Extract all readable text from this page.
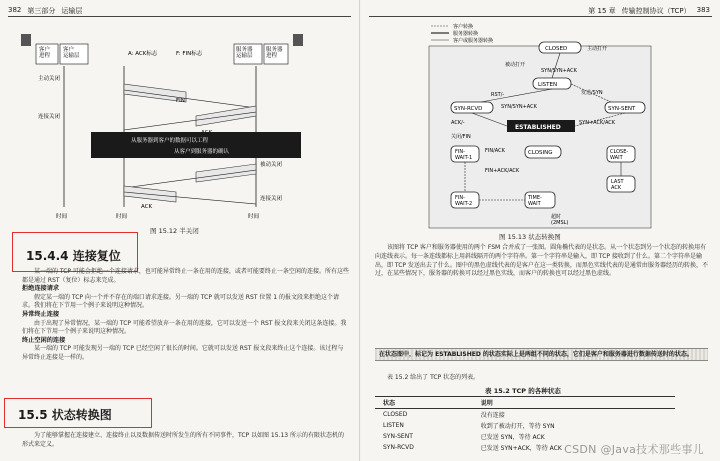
382 第三部分 运输层
客户进程
客户运输层	A: ACK标志	F: FIN标志
服务器运输层
服务器进程
主动关闭
FIN
连接关闭
从服务器到客户的数据可以工程
从客户到服务器的确认
ACK
被动关闭
连接关闭
时间	时间	时间
图 15.12 半关闭
15.4.4 连接复位

某一端的 TCP 可能会拒绝一个连接请求，也可能异常终止一条在用的连接，或者可能要终止一条空闲的连接。所有这些都是通过 RST（复位）标志来完成。

拒绝连接请求

假定某一端的 TCP 向一个并不存在的端口请求连接。另一端的 TCP 就可以发送 RST 位置 1 的报文段来拒绝这个请求。我们将在下节用一个例子来说明这种情况。

异常终止连接

由于出现了异常情况，某一端的 TCP 可能希望放弃一条在用的连接，它可以发送一个 RST 报文段来关闭这条连接。我们将在下节用一个例子来说明这种情况。

终止空闲的连接

某一端的 TCP 可能发现另一端的 TCP 已经空闲了很长的时间。它就可以发送 RST 报文段来终止这个连接。该过程与异常终止连接是一样的。

15.5 状态转换图

为了能够掌握在连接建立、连接终止以及数据传送时所发生的所有不同事件，TCP 以如图 15.13 所示的有限状态机的形式来定义。

第 15 章 传输控制协议（TCP） 383
客户转换
服务器转换
客户或服务器转换
CLOSED	主动打开
被动打开
LISTEN
SYN/SYN+ACK
RST/-	发送/SYN
SYN-RCVD	SYN-SENT
SYN/SYN+ACK
ESTABLISHED
SYN+ACK/ACK
ACK/-
关闭/FIN
FIN-WAIT-1
FIN/ACK	CLOSING	CLOSE-WAIT
FIN+ACK/ACK
FIN-WAIT-2
TIME-WAIT
LAST ACK
超时(2MSL)
图 15.13 状态转换图

该图将 TCP 客户和服务器使用的两个 FSM 合并成了一张图。圆角椭代表的是状态。从一个状态到另一个状态的转换用有向连线表示。每一条连线都标上用斜线隔开的两个字符串。第一个字符串是输入，即 TCP 接收到了什么。第二个字符串是输出，即 TCP 发送出去了什么。图中的黑色虚线代表的是客户在这一类转换，而黑色实线代表的是通常由服务器经历的转换，不过，在某些情况下，服务器的转换可以经过黑色实线，而客户的转换也可以经过黑色虚线。

在状态图中，标记为 ESTABLISHED 的状态实际上是两组不同的状态，它们是客户和服务器进行数据传送时的状态。

表 15.2 给出了 TCP 状态的列表。

表 15.2 TCP 的各种状态
状态	说明
CLOSED	没有连接
LISTEN	收到了被动打开，等待 SYN
SYN-SENT	已发送 SYN，等待 ACK
SYN-RCVD	已发送 SYN+ACK，等待 ACK CSDN @Java技术那些事儿
